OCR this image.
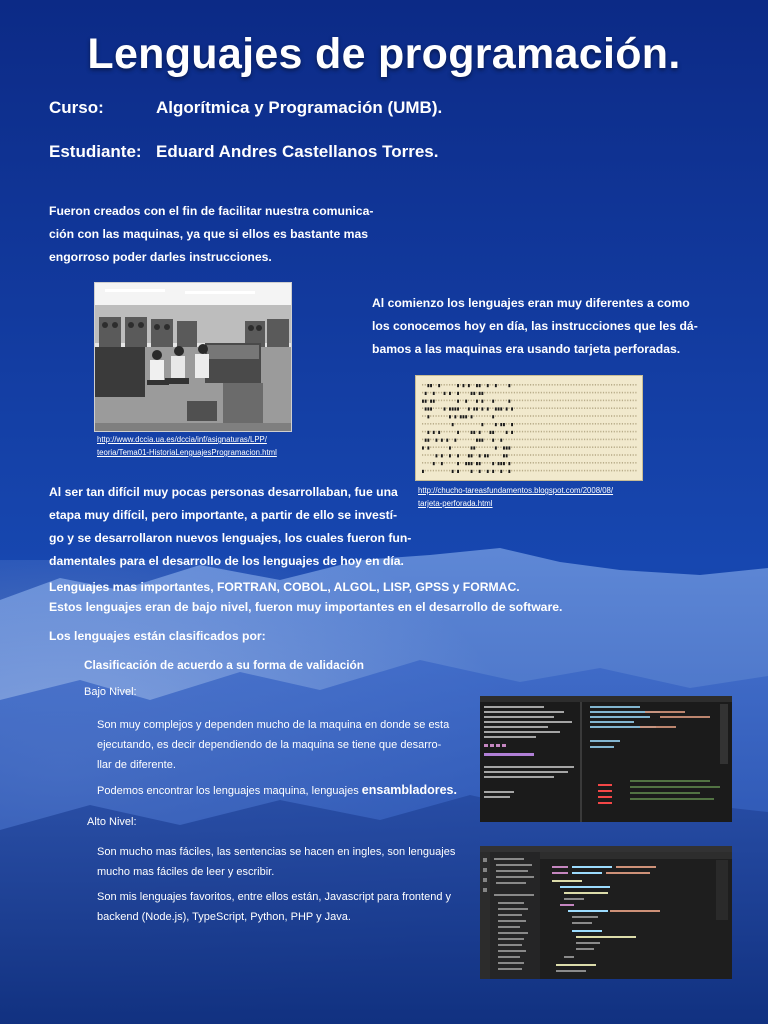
Lenguajes de programación.
Curso:	Algorítmica y Programación (UMB).
Estudiante: Eduard Andres Castellanos Torres.
Fueron creados con el fin de facilitar nuestra comunica-
ción con las maquinas, ya que si ellos es bastante mas
engorroso poder darles instrucciones.
http://www.dccia.ua.es/dccia/inf/asignaturas/LPP/
teoria/Tema01-HistoriaLenguajesProgramacion.html
Al comienzo los lenguajes eran muy diferentes a como
los conocemos hoy en día, las instrucciones que les dá-
bamos a las maquinas era usando tarjeta perforadas.
http://chucho-tareasfundamentos.blogspot.com/2008/08/
tarjeta-perforada.html
Al ser tan difícil muy pocas personas desarrollaban, fue una
etapa muy difícil, pero importante, a partir de ello se investí-
go y se desarrollaron nuevos lenguajes, los cuales fueron fun-
damentales para el desarrollo de los lenguajes de hoy en día.
Lenguajes mas importantes, FORTRAN, COBOL, ALGOL, LISP, GPSS y FORMAC.
Estos lenguajes eran de bajo nivel, fueron muy importantes en el desarrollo de software.
Los lenguajes están clasificados por:
Clasificación de acuerdo a su forma de validación
Bajo Nivel:
Son muy complejos y dependen mucho de la maquina en donde se esta
ejecutando, es decir dependiendo de la maquina se tiene que desarro-
llar de diferente.
Podemos encontrar los lenguajes maquina, lenguajes ensambladores.
Alto Nivel:
Son mucho mas fáciles, las sentencias se hacen en ingles, son lenguajes
mucho mas fáciles de leer y escribir.
Son mis lenguajes favoritos, entre ellos están, Javascript para frontend y
backend (Node.js), TypeScript, Python, PHP y Java.
